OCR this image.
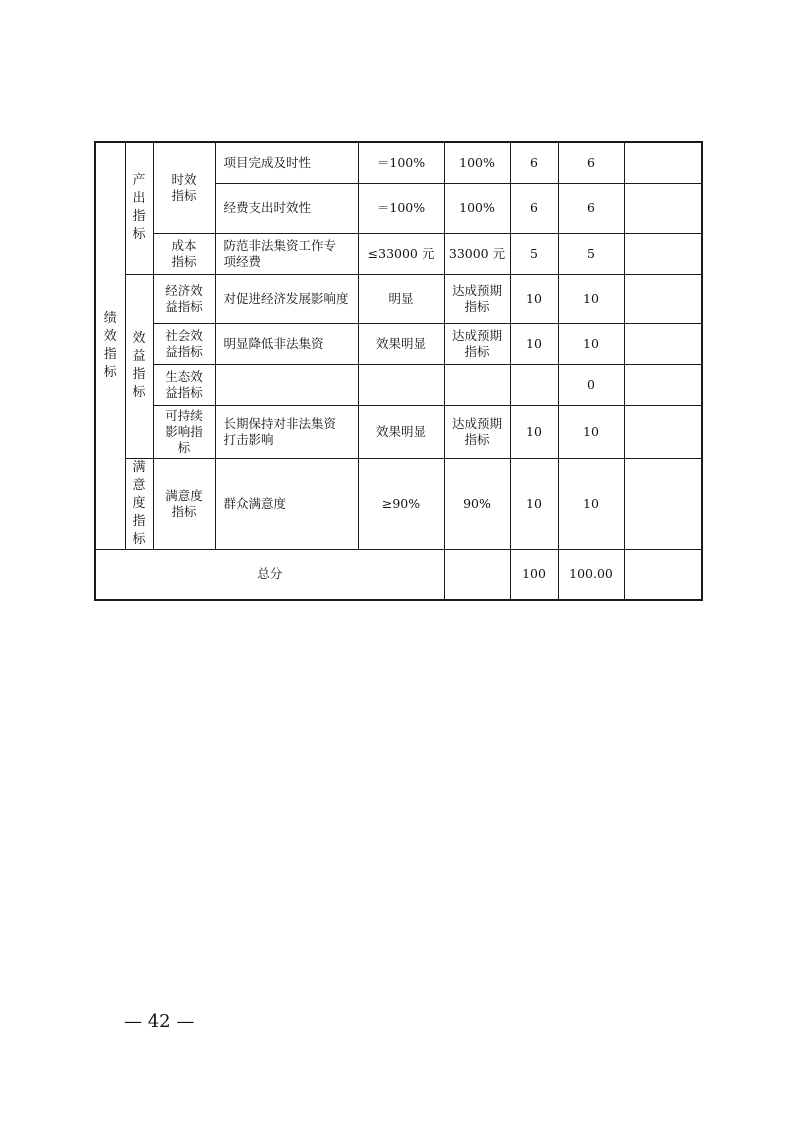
绩效指标	产出指标	时效指标	项目完成及时性	＝100%	100%	6	6	
			经费支出时效性	＝100%	100%	6	6	
		成本指标	防范非法集资工作专项经费	≤33000 元	33000 元	5	5	
	效益指标	经济效益指标	对促进经济发展影响度	明显	达成预期指标	10	10	
		社会效益指标	明显降低非法集资	效果明显	达成预期指标	10	10	
		生态效益指标					0	
		可持续影响指标	长期保持对非法集资打击影响	效果明显	达成预期指标	10	10	
	满意度指标	满意度指标	群众满意度	≥90%	90%	10	10	
总分						100	100.00	
— 42 —
